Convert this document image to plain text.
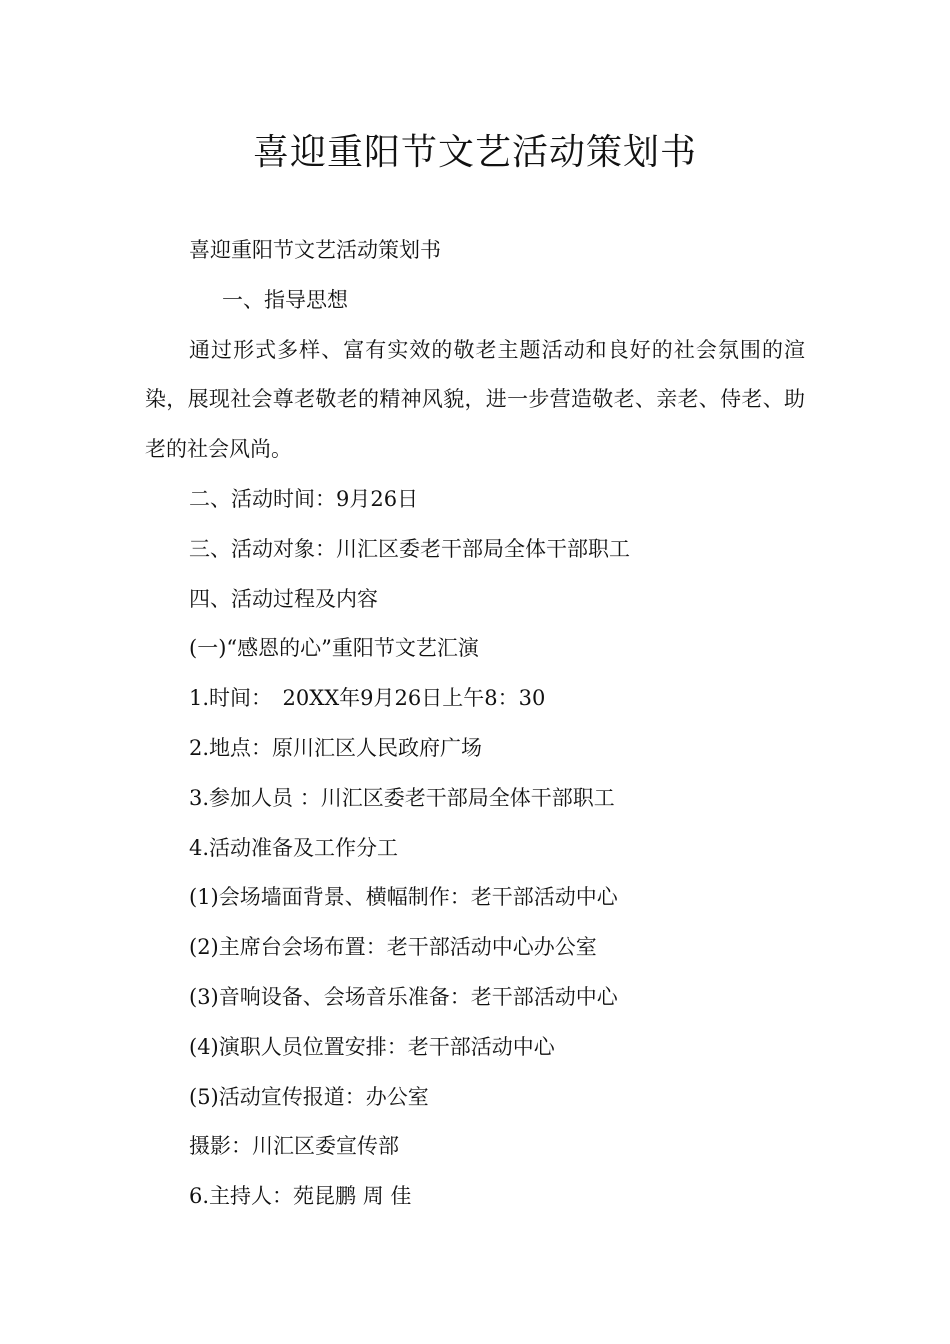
喜迎重阳节文艺活动策划书

喜迎重阳节文艺活动策划书

一、指导思想

通过形式多样、富有实效的敬老主题活动和良好的社会氛围的渲染，展现社会尊老敬老的精神风貌，进一步营造敬老、亲老、侍老、助老的社会风尚。

二、活动时间：9月26日

三、活动对象：川汇区委老干部局全体干部职工

四、活动过程及内容

(一)“感恩的心”重阳节文艺汇演

1.时间：　20XX年9月26日上午8：30

2.地点：原川汇区人民政府广场

3.参加人员 ：川汇区委老干部局全体干部职工

4.活动准备及工作分工

(1)会场墙面背景、横幅制作：老干部活动中心

(2)主席台会场布置：老干部活动中心办公室

(3)音响设备、会场音乐准备：老干部活动中心

(4)演职人员位置安排：老干部活动中心

(5)活动宣传报道：办公室

摄影：川汇区委宣传部

6.主持人：苑昆鹏 周 佳
